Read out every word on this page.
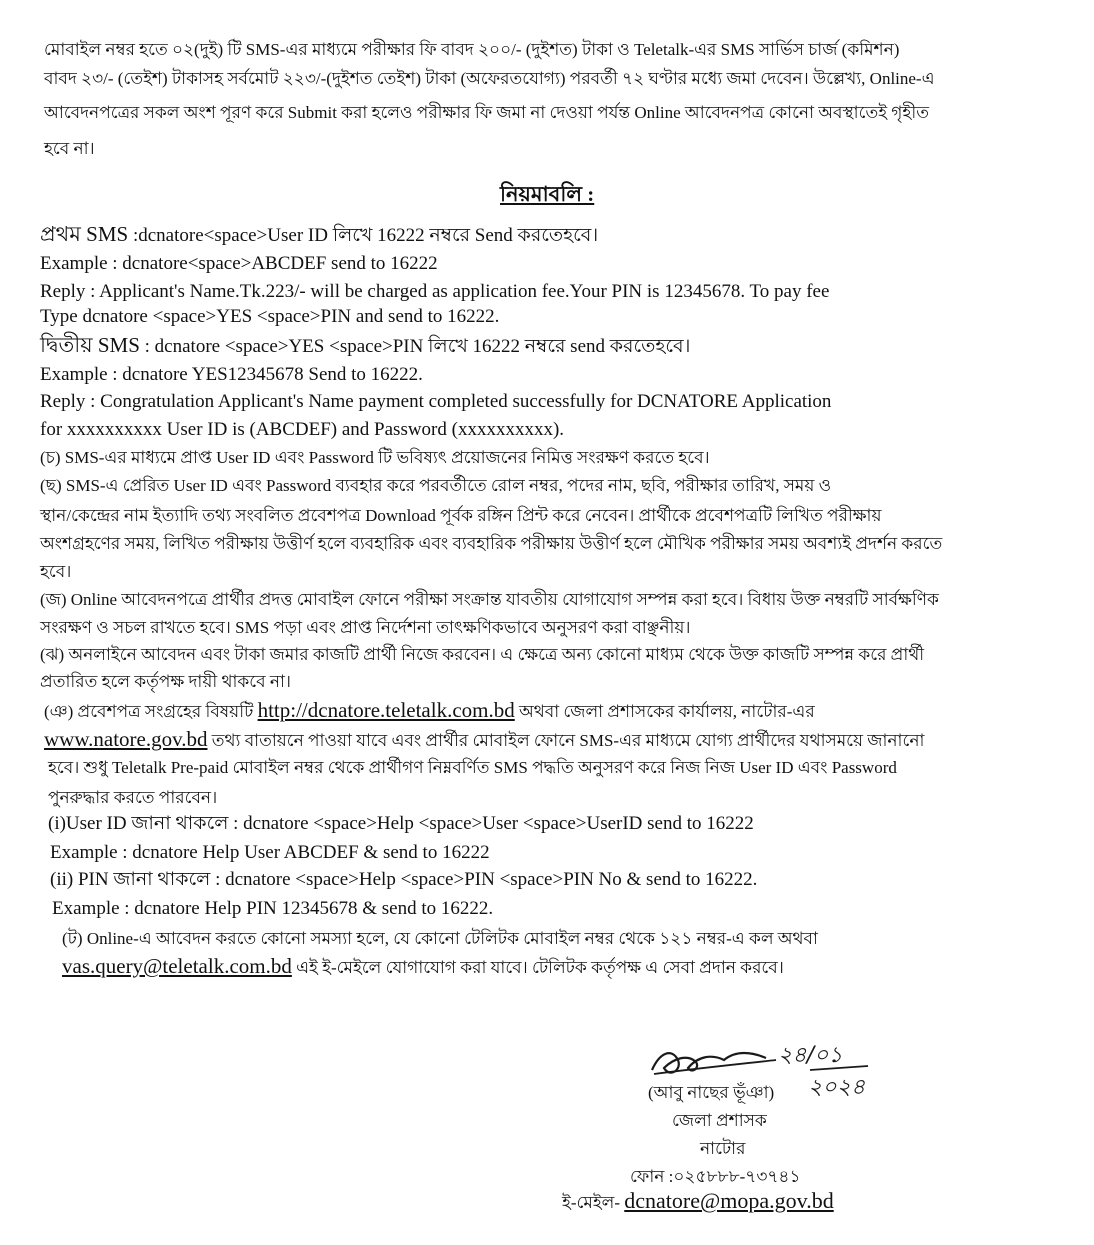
মোবাইল নম্বর হতে ০২(দুই) টি SMS-এর মাধ্যমে পরীক্ষার ফি বাবদ ২০০/- (দুইশত) টাকা ও Teletalk-এর SMS সার্ভিস চার্জ (কমিশন)
বাবদ ২৩/- (তেইশ) টাকাসহ সর্বমোট ২২৩/-(দুইশত তেইশ) টাকা (অফেরতযোগ্য) পরবর্তী ৭২ ঘণ্টার মধ্যে জমা দেবেন। উল্লেখ্য, Online-এ
আবেদনপত্রের সকল অংশ পূরণ করে Submit করা হলেও পরীক্ষার ফি জমা না দেওয়া পর্যন্ত Online আবেদনপত্র কোনো অবস্থাতেই গৃহীত
হবে না।
নিয়মাবলি :
প্রথম SMS :dcnatore<space>User ID লিখে 16222 নম্বরে Send করতেহবে।
Example : dcnatore<space>ABCDEF send to 16222
Reply : Applicant's Name.Tk.223/- will be charged as application fee.Your PIN is 12345678. To pay fee
Type dcnatore <space>YES <space>PIN and send to 16222.
দ্বিতীয় SMS : dcnatore <space>YES <space>PIN লিখে 16222 নম্বরে send করতেহবে।
Example : dcnatore YES12345678 Send to 16222.
Reply : Congratulation Applicant's Name payment completed successfully for DCNATORE Application
for xxxxxxxxxx User ID is (ABCDEF) and Password (xxxxxxxxxx).
(চ) SMS-এর মাধ্যমে প্রাপ্ত User ID এবং Password টি ভবিষ্যৎ প্রয়োজনের নিমিত্ত সংরক্ষণ করতে হবে।
(ছ) SMS-এ প্রেরিত User ID এবং Password ব্যবহার করে পরবর্তীতে রোল নম্বর, পদের নাম, ছবি, পরীক্ষার তারিখ, সময় ও
স্থান/কেন্দ্রের নাম ইত্যাদি তথ্য সংবলিত প্রবেশপত্র Download পূর্বক রঙ্গিন প্রিন্ট করে নেবেন। প্রার্থীকে প্রবেশপত্রটি লিখিত পরীক্ষায়
অংশগ্রহণের সময়, লিখিত পরীক্ষায় উত্তীর্ণ হলে ব্যবহারিক এবং ব্যবহারিক পরীক্ষায় উত্তীর্ণ হলে মৌখিক পরীক্ষার সময় অবশ্যই প্রদর্শন করতে
হবে।
(জ) Online আবেদনপত্রে প্রার্থীর প্রদত্ত মোবাইল ফোনে পরীক্ষা সংক্রান্ত যাবতীয় যোগাযোগ সম্পন্ন করা হবে। বিধায় উক্ত নম্বরটি সার্বক্ষণিক
সংরক্ষণ ও সচল রাখতে হবে। SMS পড়া এবং প্রাপ্ত নির্দেশনা তাৎক্ষণিকভাবে অনুসরণ করা বাঞ্ছনীয়।
(ঝ) অনলাইনে আবেদন এবং টাকা জমার কাজটি প্রার্থী নিজে করবেন। এ ক্ষেত্রে অন্য কোনো মাধ্যম থেকে উক্ত কাজটি সম্পন্ন করে প্রার্থী
প্রতারিত হলে কর্তৃপক্ষ দায়ী থাকবে না।
(ঞ) প্রবেশপত্র সংগ্রহের বিষয়টি http://dcnatore.teletalk.com.bd অথবা জেলা প্রশাসকের কার্যালয়, নাটোর-এর
www.natore.gov.bd তথ্য বাতায়নে পাওয়া যাবে এবং প্রার্থীর মোবাইল ফোনে SMS-এর মাধ্যমে যোগ্য প্রার্থীদের যথাসময়ে জানানো
হবে। শুধু Teletalk Pre-paid মোবাইল নম্বর থেকে প্রার্থীগণ নিম্নবর্ণিত SMS পদ্ধতি অনুসরণ করে নিজ নিজ User ID এবং Password
পুনরুদ্ধার করতে পারবেন।
(i)User ID জানা থাকলে : dcnatore <space>Help <space>User <space>UserID send to 16222
Example : dcnatore Help User ABCDEF & send to 16222
(ii) PIN জানা থাকলে : dcnatore <space>Help <space>PIN <space>PIN No & send to 16222.
Example : dcnatore Help PIN 12345678 & send to 16222.
(ট) Online-এ আবেদন করতে কোনো সমস্যা হলে, যে কোনো টেলিটক মোবাইল নম্বর থেকে ১২১ নম্বর-এ কল অথবা
vas.query@teletalk.com.bd এই ই-মেইলে যোগাযোগ করা যাবে। টেলিটক কর্তৃপক্ষ এ সেবা প্রদান করবে।
২৪/০১
২০২৪
(আবু নাছের ভূঁঞা)
জেলা প্রশাসক
নাটোর
ফোন :০২৫৮৮৮-৭৩৭৪১
ই-মেইল- dcnatore@mopa.gov.bd
